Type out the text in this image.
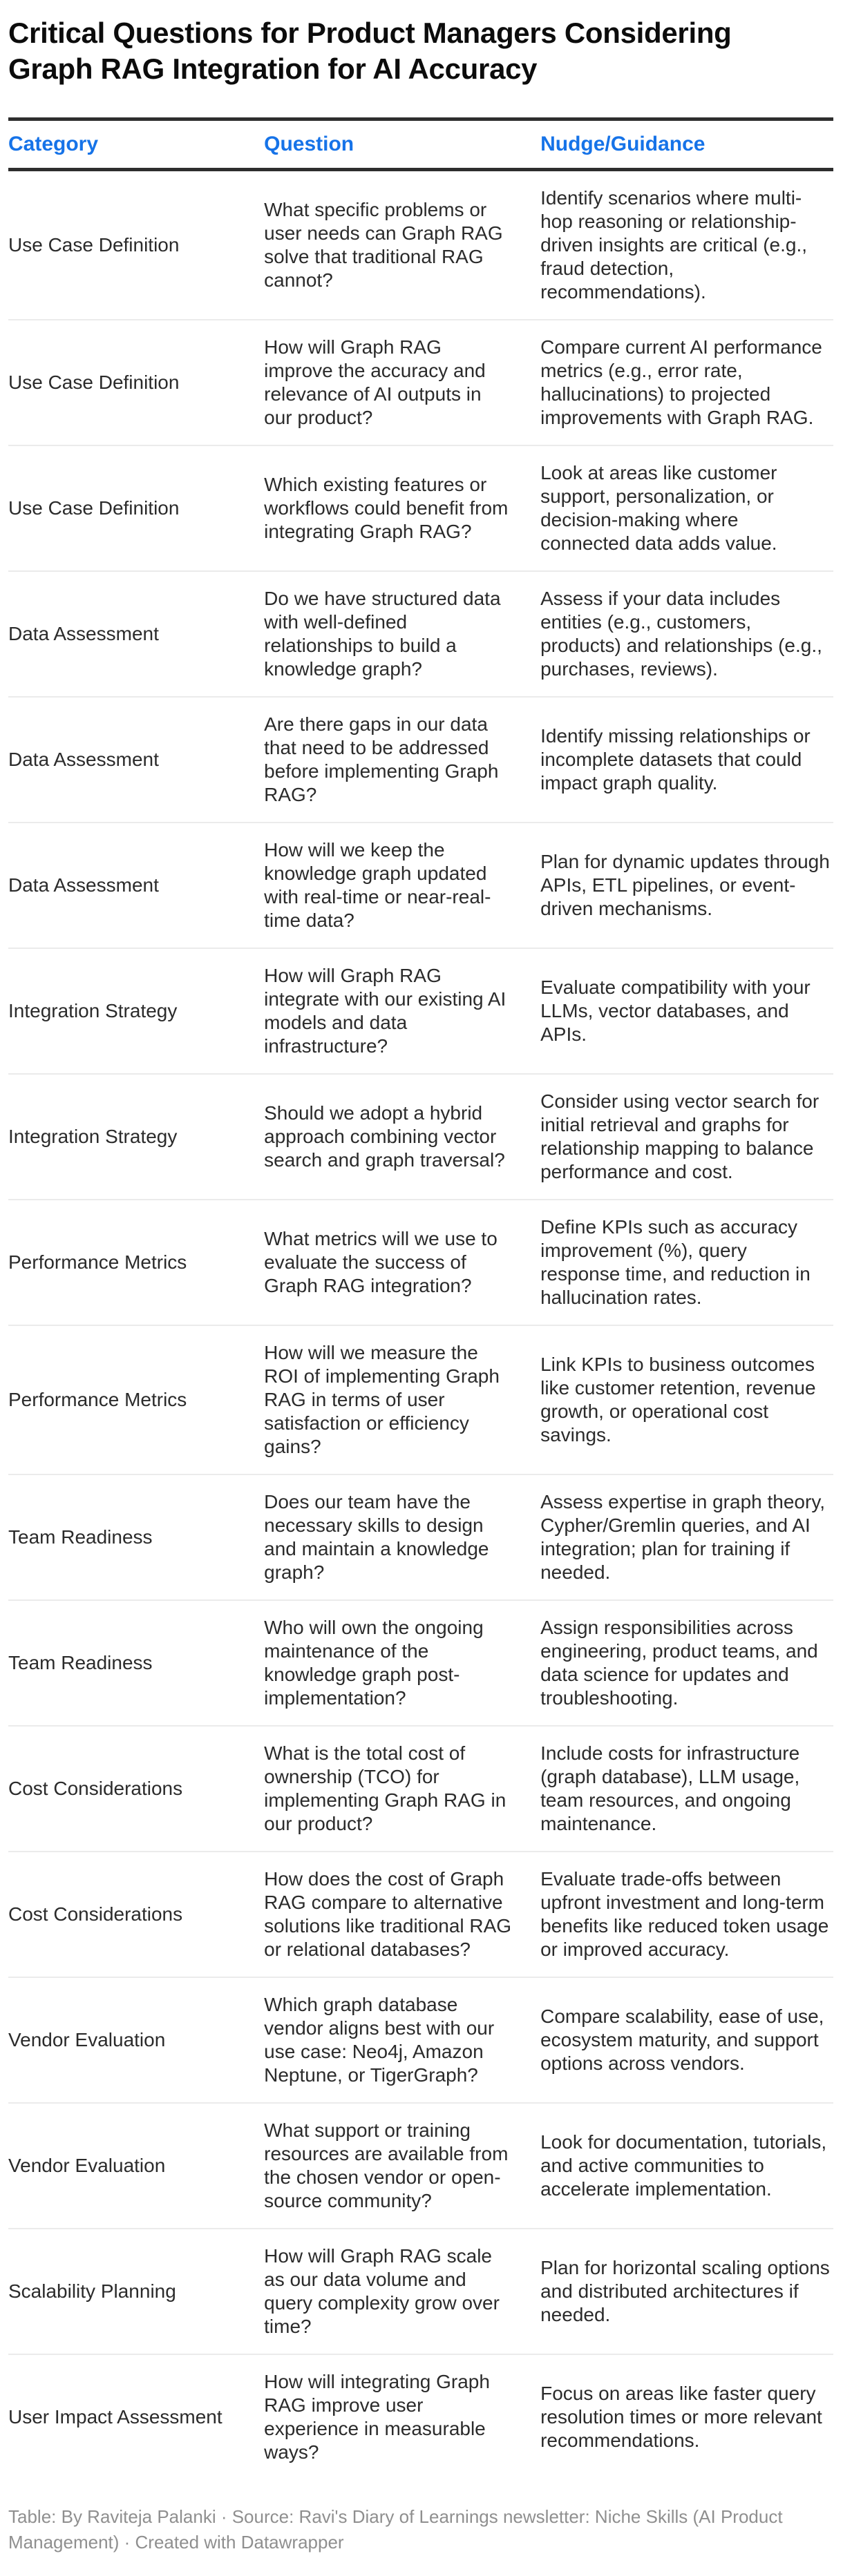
Critical Questions for Product Managers Considering Graph RAG Integration for AI Accuracy
Category	Question	Nudge/Guidance
Use Case Definition	What specific problems or user needs can Graph RAG solve that traditional RAG cannot?	Identify scenarios where multi-hop reasoning or relationship-driven insights are critical (e.g., fraud detection, recommendations).
Use Case Definition	How will Graph RAG improve the accuracy and relevance of AI outputs in our product?	Compare current AI performance metrics (e.g., error rate, hallucinations) to projected improvements with Graph RAG.
Use Case Definition	Which existing features or workflows could benefit from integrating Graph RAG?	Look at areas like customer support, personalization, or decision-making where connected data adds value.
Data Assessment	Do we have structured data with well-defined relationships to build a knowledge graph?	Assess if your data includes entities (e.g., customers, products) and relationships (e.g., purchases, reviews).
Data Assessment	Are there gaps in our data that need to be addressed before implementing Graph RAG?	Identify missing relationships or incomplete datasets that could impact graph quality.
Data Assessment	How will we keep the knowledge graph updated with real-time or near-real-time data?	Plan for dynamic updates through APIs, ETL pipelines, or event-driven mechanisms.
Integration Strategy	How will Graph RAG integrate with our existing AI models and data infrastructure?	Evaluate compatibility with your LLMs, vector databases, and APIs.
Integration Strategy	Should we adopt a hybrid approach combining vector search and graph traversal?	Consider using vector search for initial retrieval and graphs for relationship mapping to balance performance and cost.
Performance Metrics	What metrics will we use to evaluate the success of Graph RAG integration?	Define KPIs such as accuracy improvement (%), query response time, and reduction in hallucination rates.
Performance Metrics	How will we measure the ROI of implementing Graph RAG in terms of user satisfaction or efficiency gains?	Link KPIs to business outcomes like customer retention, revenue growth, or operational cost savings.
Team Readiness	Does our team have the necessary skills to design and maintain a knowledge graph?	Assess expertise in graph theory, Cypher/Gremlin queries, and AI integration; plan for training if needed.
Team Readiness	Who will own the ongoing maintenance of the knowledge graph post-implementation?	Assign responsibilities across engineering, product teams, and data science for updates and troubleshooting.
Cost Considerations	What is the total cost of ownership (TCO) for implementing Graph RAG in our product?	Include costs for infrastructure (graph database), LLM usage, team resources, and ongoing maintenance.
Cost Considerations	How does the cost of Graph RAG compare to alternative solutions like traditional RAG or relational databases?	Evaluate trade-offs between upfront investment and long-term benefits like reduced token usage or improved accuracy.
Vendor Evaluation	Which graph database vendor aligns best with our use case: Neo4j, Amazon Neptune, or TigerGraph?	Compare scalability, ease of use, ecosystem maturity, and support options across vendors.
Vendor Evaluation	What support or training resources are available from the chosen vendor or open-source community?	Look for documentation, tutorials, and active communities to accelerate implementation.
Scalability Planning	How will Graph RAG scale as our data volume and query complexity grow over time?	Plan for horizontal scaling options and distributed architectures if needed.
User Impact Assessment	How will integrating Graph RAG improve user experience in measurable ways?	Focus on areas like faster query resolution times or more relevant recommendations.
Table: By Raviteja Palanki · Source: Ravi's Diary of Learnings newsletter: Niche Skills (AI Product Management) · Created with Datawrapper
